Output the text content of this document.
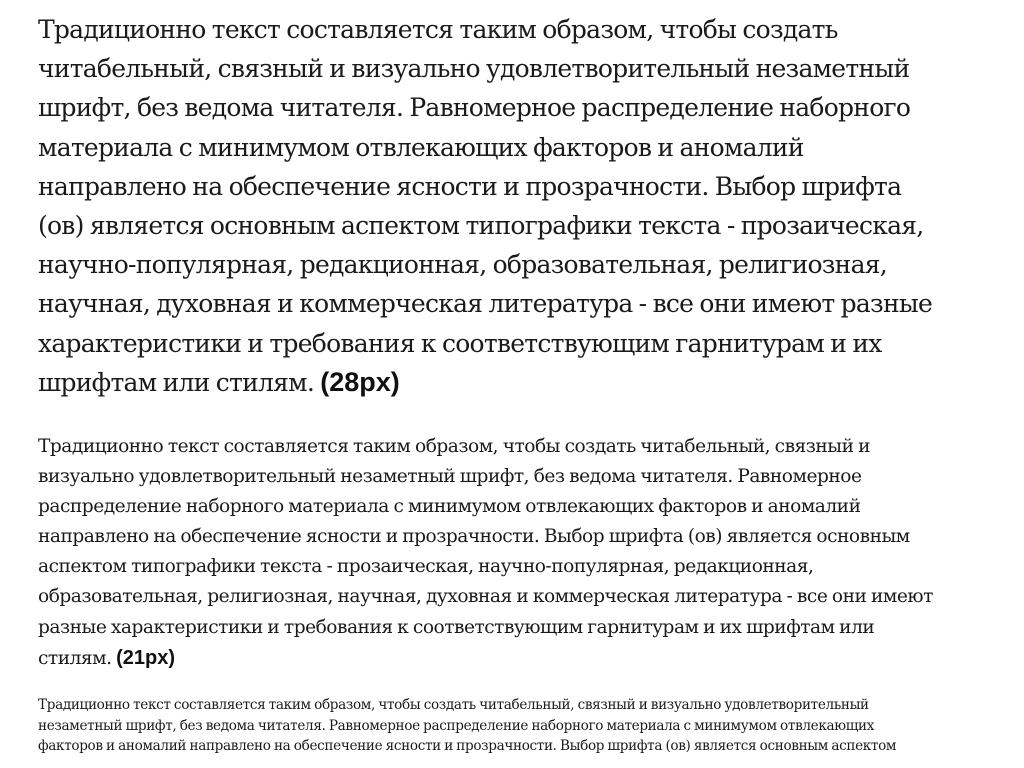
Традиционно текст составляется таким образом, чтобы создать
читабельный, связный и визуально удовлетворительный незаметный
шрифт, без ведома читателя. Равномерное распределение наборного
материала с минимумом отвлекающих факторов и аномалий
направлено на обеспечение ясности и прозрачности. Выбор шрифта
(ов) является основным аспектом типографики текста - прозаическая,
научно-популярная, редакционная, образовательная, религиозная,
научная, духовная и коммерческая литература - все они имеют разные
характеристики и требования к соответствующим гарнитурам и их
шрифтам или стилям. (28px)

Традиционно текст составляется таким образом, чтобы создать читабельный, связный и
визуально удовлетворительный незаметный шрифт, без ведома читателя. Равномерное
распределение наборного материала с минимумом отвлекающих факторов и аномалий
направлено на обеспечение ясности и прозрачности. Выбор шрифта (ов) является основным
аспектом типографики текста - прозаическая, научно-популярная, редакционная,
образовательная, религиозная, научная, духовная и коммерческая литература - все они имеют
разные характеристики и требования к соответствующим гарнитурам и их шрифтам или
стилям. (21px)

Традиционно текст составляется таким образом, чтобы создать читабельный, связный и визуально удовлетворительный
незаметный шрифт, без ведома читателя. Равномерное распределение наборного материала с минимумом отвлекающих
факторов и аномалий направлено на обеспечение ясности и прозрачности. Выбор шрифта (ов) является основным аспектом
